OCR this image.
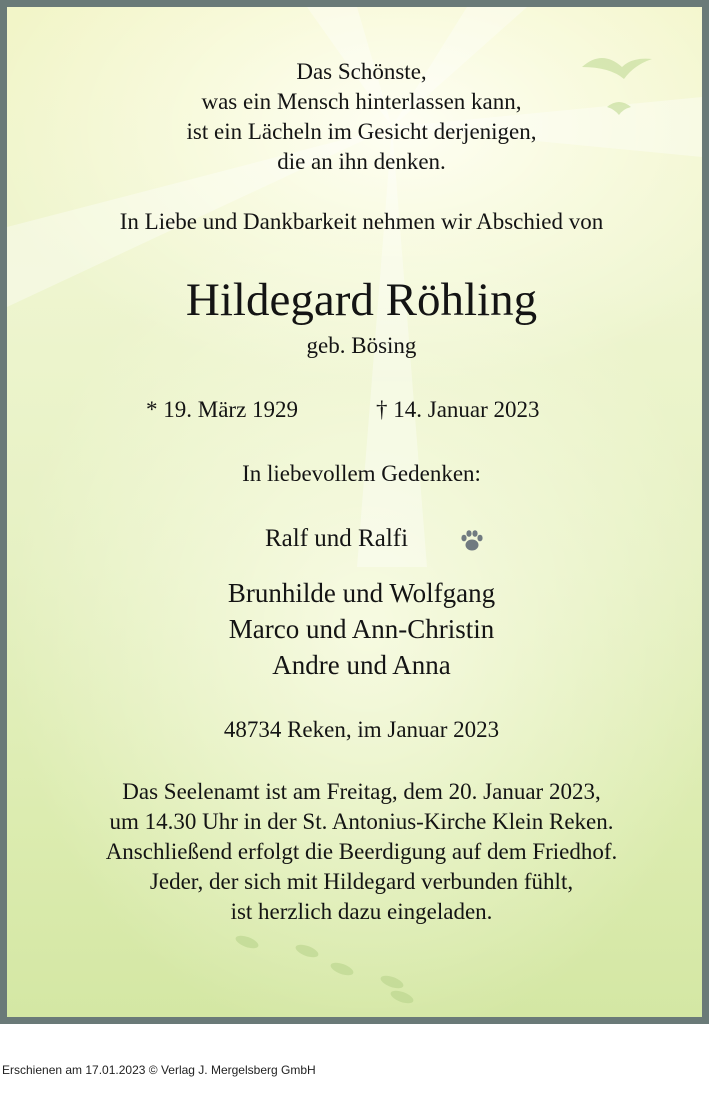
Das Schönste,
was ein Mensch hinterlassen kann,
ist ein Lächeln im Gesicht derjenigen,
die an ihn denken.
In Liebe und Dankbarkeit nehmen wir Abschied von
Hildegard Röhling
geb. Bösing
* 19. März 1929	† 14. Januar 2023
In liebevollem Gedenken:
Ralf und Ralfi
Brunhilde und Wolfgang
Marco und Ann-Christin
Andre und Anna
48734 Reken, im Januar 2023
Das Seelenamt ist am Freitag, dem 20. Januar 2023,
um 14.30 Uhr in der St. Antonius-Kirche Klein Reken.
Anschließend erfolgt die Beerdigung auf dem Friedhof.
Jeder, der sich mit Hildegard verbunden fühlt,
ist herzlich dazu eingeladen.
Erschienen am 17.01.2023 © Verlag J. Mergelsberg GmbH
